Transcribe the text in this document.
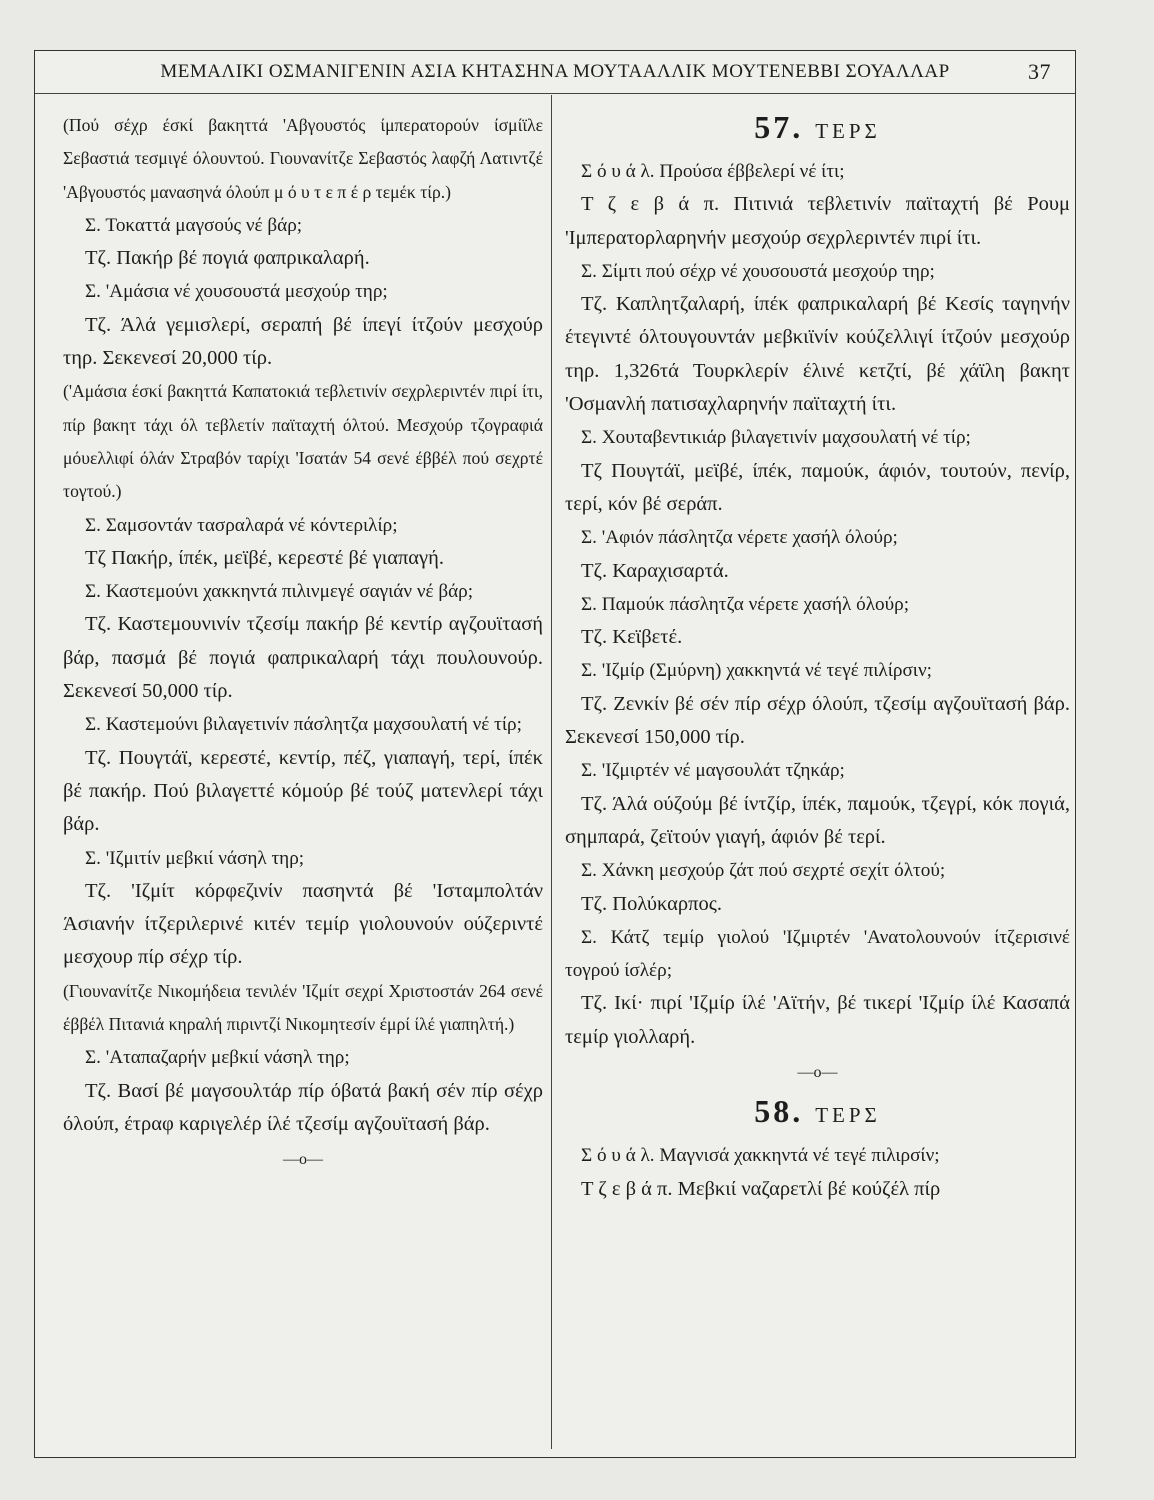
ΜΕΜΑΛΙΚΙ ΟΣΜΑΝΙΓΕΝΙΝ ΑΣΙΑ ΚΗΤΑΣΗΝΑ ΜΟΥΤΑΑΛΛΙΚ ΜΟΥΤΕΝΕΒΒΙ ΣΟΥΑΛΛΑΡ	37

(Πού σέχρ έσκί βακηττά 'Αβγουστός ίμπερατορούν ίσμίϊλε Σεβαστιά τεσμιγέ όλουντού. Γιουνανίτζε Σεβαστός λαφζή Λατιντζέ 'Αβγουστός μανασηνά όλούπ μ ό υ τ ε π έ ρ τεμέκ τίρ.)

Σ. Τοκαττά μαγσούς νέ βάρ;

Τζ. Πακήρ βέ πογιά φαπρικαλαρή.

Σ. 'Αμάσια νέ χουσουστά μεσχούρ τηρ;

Τζ. Άλά γεμισλερί, σεραπή βέ ίπεγί ίτζούν μεσχούρ τηρ. Σεκενεσί 20,000 τίρ.

('Αμάσια έσκί βακηττά Καπατοκιά τεβλετινίν σεχρλεριντέν πιρί ίτι, πίρ βακητ τάχι όλ τεβλετίν παϊταχτή όλτού. Μεσχούρ τζογραφιά μόυελλιφί όλάν Στραβόν ταρίχι 'Ισατάν 54 σενέ έββέλ πού σεχρτέ τογτού.)

Σ. Σαμσοντάν τασραλαρά νέ κόντεριλίρ;

Τζ Πακήρ, ίπέκ, μεϊβέ, κερεστέ βέ γιαπαγή.

Σ. Καστεμούνι χακκηντά πιλινμεγέ σαγιάν νέ βάρ;

Τζ. Καστεμουνινίν τζεσίμ πακήρ βέ κεντίρ αγζουϊτασή βάρ, πασμά βέ πογιά φαπρικαλαρή τάχι πουλουνούρ. Σεκενεσί 50,000 τίρ.

Σ. Καστεμούνι βιλαγετινίν πάσλητζα μαχσουλατή νέ τίρ;

Τζ. Πουγτάϊ, κερεστέ, κεντίρ, πέζ, γιαπαγή, τερί, ίπέκ βέ πακήρ. Πού βιλαγεττέ κόμούρ βέ τούζ ματενλερί τάχι βάρ.

Σ. 'Ιζμιτίν μεβκιί νάσηλ τηρ;

Τζ. 'Ιζμίτ κόρφεζινίν πασηντά βέ 'Ισταμπολτάν Άσιανήν ίτζεριλερινέ κιτέν τεμίρ γιολουνούν ούζεριντέ μεσχουρ πίρ σέχρ τίρ.

(Γιουνανίτζε Νικομήδεια τενιλέν 'Ιζμίτ σεχρί Χριστοστάν 264 σενέ έββέλ Πιτανιά κηραλή πιριντζί Νικομητεσίν έμρί ίλέ γιαπηλτή.)

Σ. 'Αταπαζαρήν μεβκιί νάσηλ τηρ;

Τζ. Βασί βέ μαγσουλτάρ πίρ όβατά βακή σέν πίρ σέχρ όλούπ, έτραφ καριγελέρ ίλέ τζεσίμ αγζουϊτασή βάρ.

—ο—
57. ΤΕΡΣ

Σ ό υ ά λ. Προύσα έββελερί νέ ίτι;

Τ ζ ε β ά π. Πιτινιά τεβλετινίν παϊταχτή βέ Ρουμ 'Ιμπερατορλαρηνήν μεσχούρ σεχρλεριντέν πιρί ίτι.

Σ. Σίμτι πού σέχρ νέ χουσουστά μεσχούρ τηρ;

Τζ. Καπλητζαλαρή, ίπέκ φαπρικαλαρή βέ Κεσίς ταγηνήν έτεγιντέ όλτουγουντάν μεβκιϊνίν κούζελλιγί ίτζούν μεσχούρ τηρ. 1,326τά Τουρκλερίν έλινέ κετζτί, βέ χάϊλη βακητ 'Οσμανλή πατισαχλαρηνήν παϊταχτή ίτι.

Σ. Χουταβεντικιάρ βιλαγετινίν μαχσουλατή νέ τίρ;

Τζ Πουγτάϊ, μεϊβέ, ίπέκ, παμούκ, άφιόν, τουτούν, πενίρ, τερί, κόν βέ σεράπ.

Σ. 'Αφιόν πάσλητζα νέρετε χασήλ όλούρ;

Τζ. Καραχισαρτά.

Σ. Παμούκ πάσλητζα νέρετε χασήλ όλούρ;

Τζ. Κεϊβετέ.

Σ. 'Ιζμίρ (Σμύρνη) χακκηντά νέ τεγέ πιλίρσιν;

Τζ. Ζενκίν βέ σέν πίρ σέχρ όλούπ, τζεσίμ αγζουϊτασή βάρ. Σεκενεσί 150,000 τίρ.

Σ. 'Ιζμιρτέν νέ μαγσουλάτ τζηκάρ;

Τζ. Άλά ούζούμ βέ ίντζίρ, ίπέκ, παμούκ, τζεγρί, κόκ πογιά, σημπαρά, ζεϊτούν γιαγή, άφιόν βέ τερί.

Σ. Χάνκη μεσχούρ ζάτ πού σεχρτέ σεχίτ όλτού;

Τζ. Πολύκαρπος.

Σ. Κάτζ τεμίρ γιολού 'Ιζμιρτέν 'Ανατολουνούν ίτζερισινέ τογρού ίσλέρ;

Τζ. Ικί· πιρί 'Ιζμίρ ίλέ 'Αϊτήν, βέ τικερί 'Ιζμίρ ίλέ Κασαπά τεμίρ γιολλαρή.

—ο—
58. ΤΕΡΣ

Σ ό υ ά λ. Μαγνισά χακκηντά νέ τεγέ πιλιρσίν;

Τ ζ ε β ά π. Μεβκιί ναζαρετλί βέ κούζέλ πίρ
